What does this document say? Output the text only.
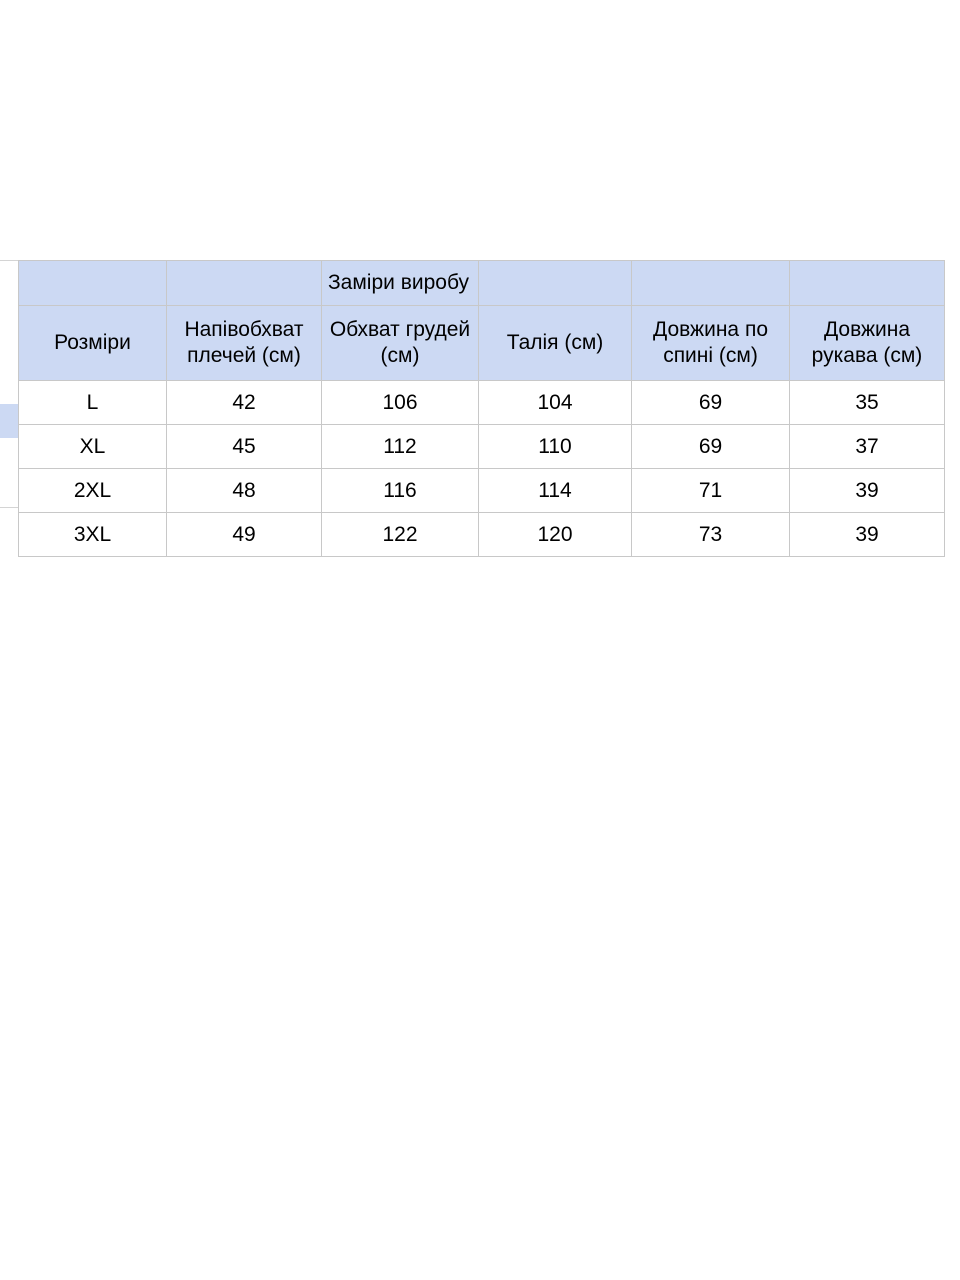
		Заміри виробу			
Розміри	Напівобхват плечей (см)	Обхват грудей (см)	Талія (см)	Довжина по спині (см)	Довжина рукава (см)
L	42	106	104	69	35
XL	45	112	110	69	37
2XL	48	116	114	71	39
3XL	49	122	120	73	39
